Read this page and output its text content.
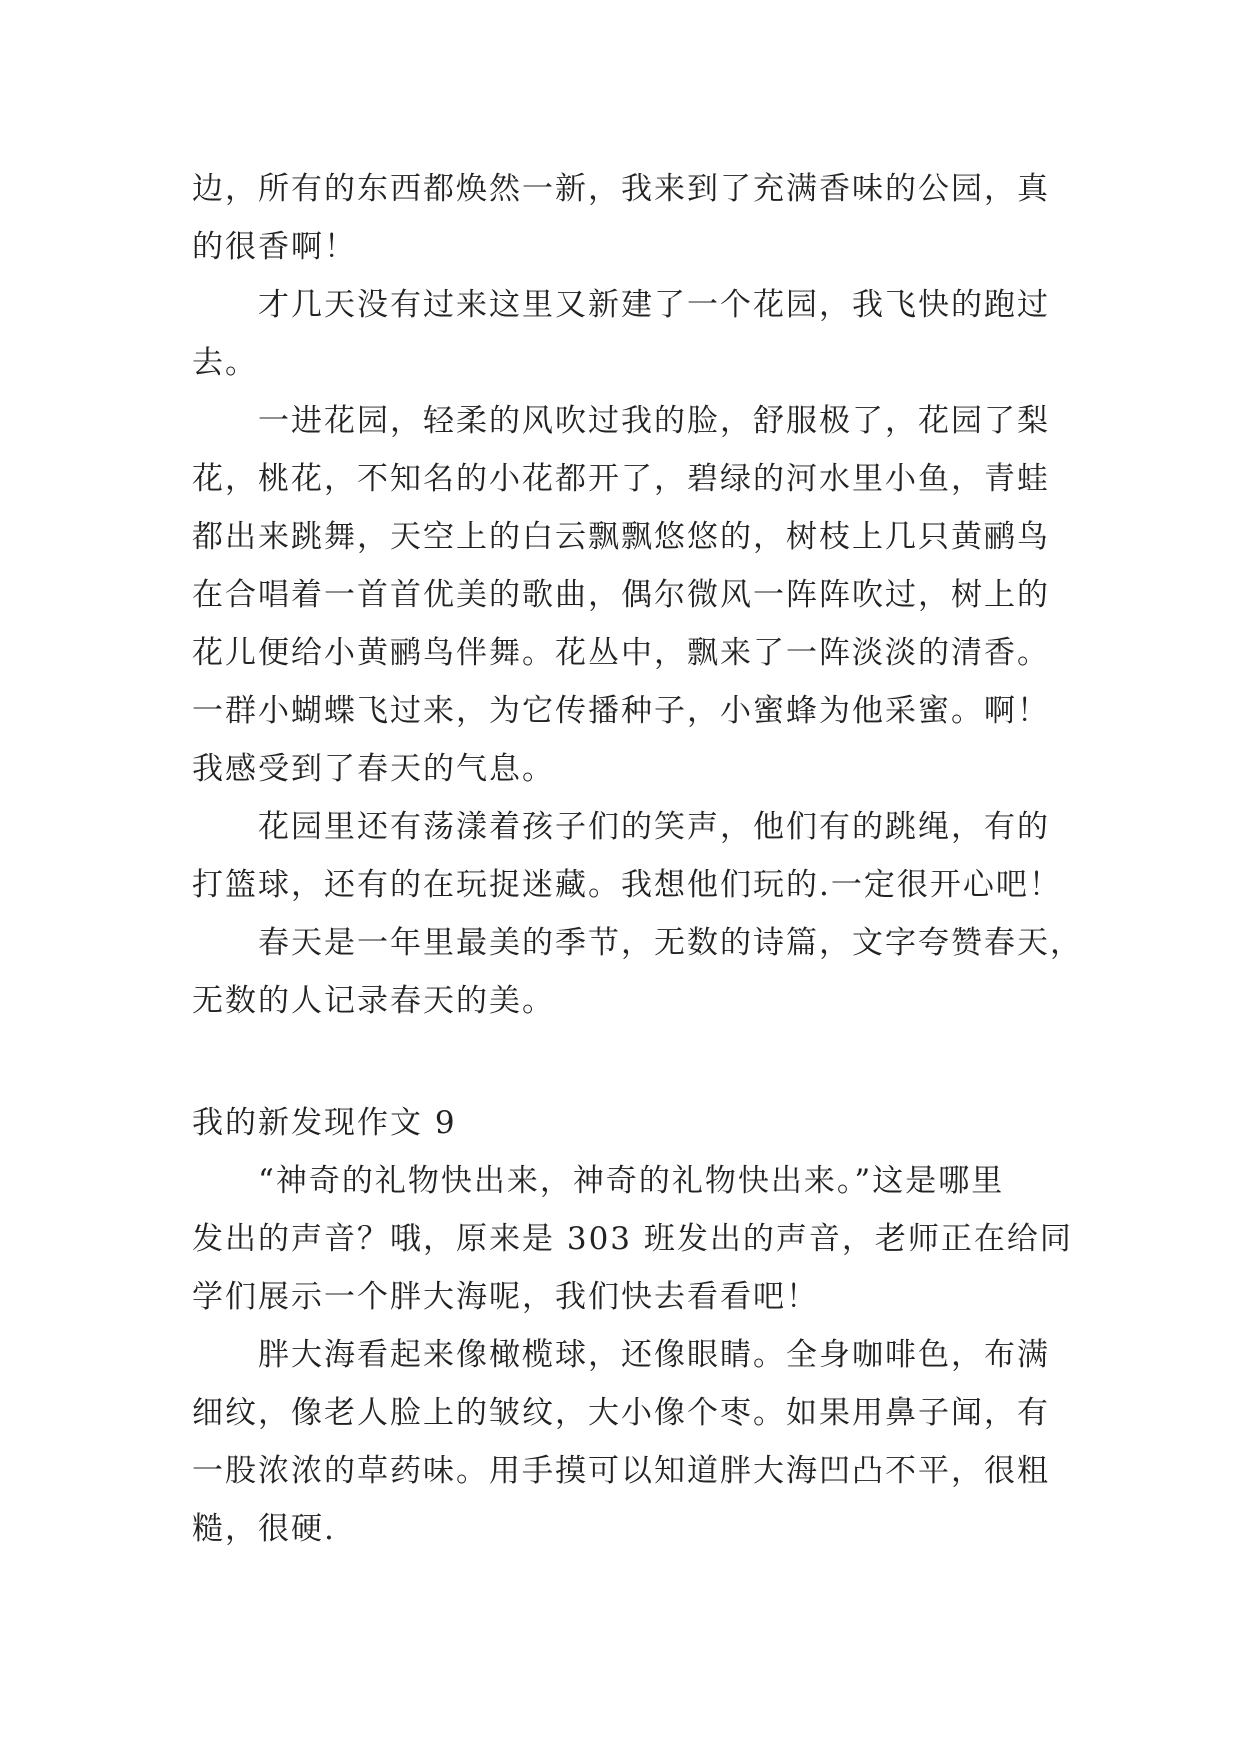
边，所有的东西都焕然一新，我来到了充满香味的公园，真
的很香啊！
才几天没有过来这里又新建了一个花园，我飞快的跑过
去。
一进花园，轻柔的风吹过我的脸，舒服极了，花园了梨
花，桃花，不知名的小花都开了，碧绿的河水里小鱼，青蛙
都出来跳舞，天空上的白云飘飘悠悠的，树枝上几只黄鹂鸟
在合唱着一首首优美的歌曲，偶尔微风一阵阵吹过，树上的
花儿便给小黄鹂鸟伴舞。花丛中，飘来了一阵淡淡的清香。
一群小蝴蝶飞过来，为它传播种子，小蜜蜂为他采蜜。啊！
我感受到了春天的气息。
花园里还有荡漾着孩子们的笑声，他们有的跳绳，有的
打篮球，还有的在玩捉迷藏。我想他们玩的.一定很开心吧！
春天是一年里最美的季节，无数的诗篇，文字夸赞春天，
无数的人记录春天的美。
我的新发现作文 9
“神奇的礼物快出来，神奇的礼物快出来。”这是哪里
发出的声音？哦，原来是 303 班发出的声音，老师正在给同
学们展示一个胖大海呢，我们快去看看吧！
胖大海看起来像橄榄球，还像眼睛。全身咖啡色，布满
细纹，像老人脸上的皱纹，大小像个枣。如果用鼻子闻，有
一股浓浓的草药味。用手摸可以知道胖大海凹凸不平，很粗
糙，很硬.
